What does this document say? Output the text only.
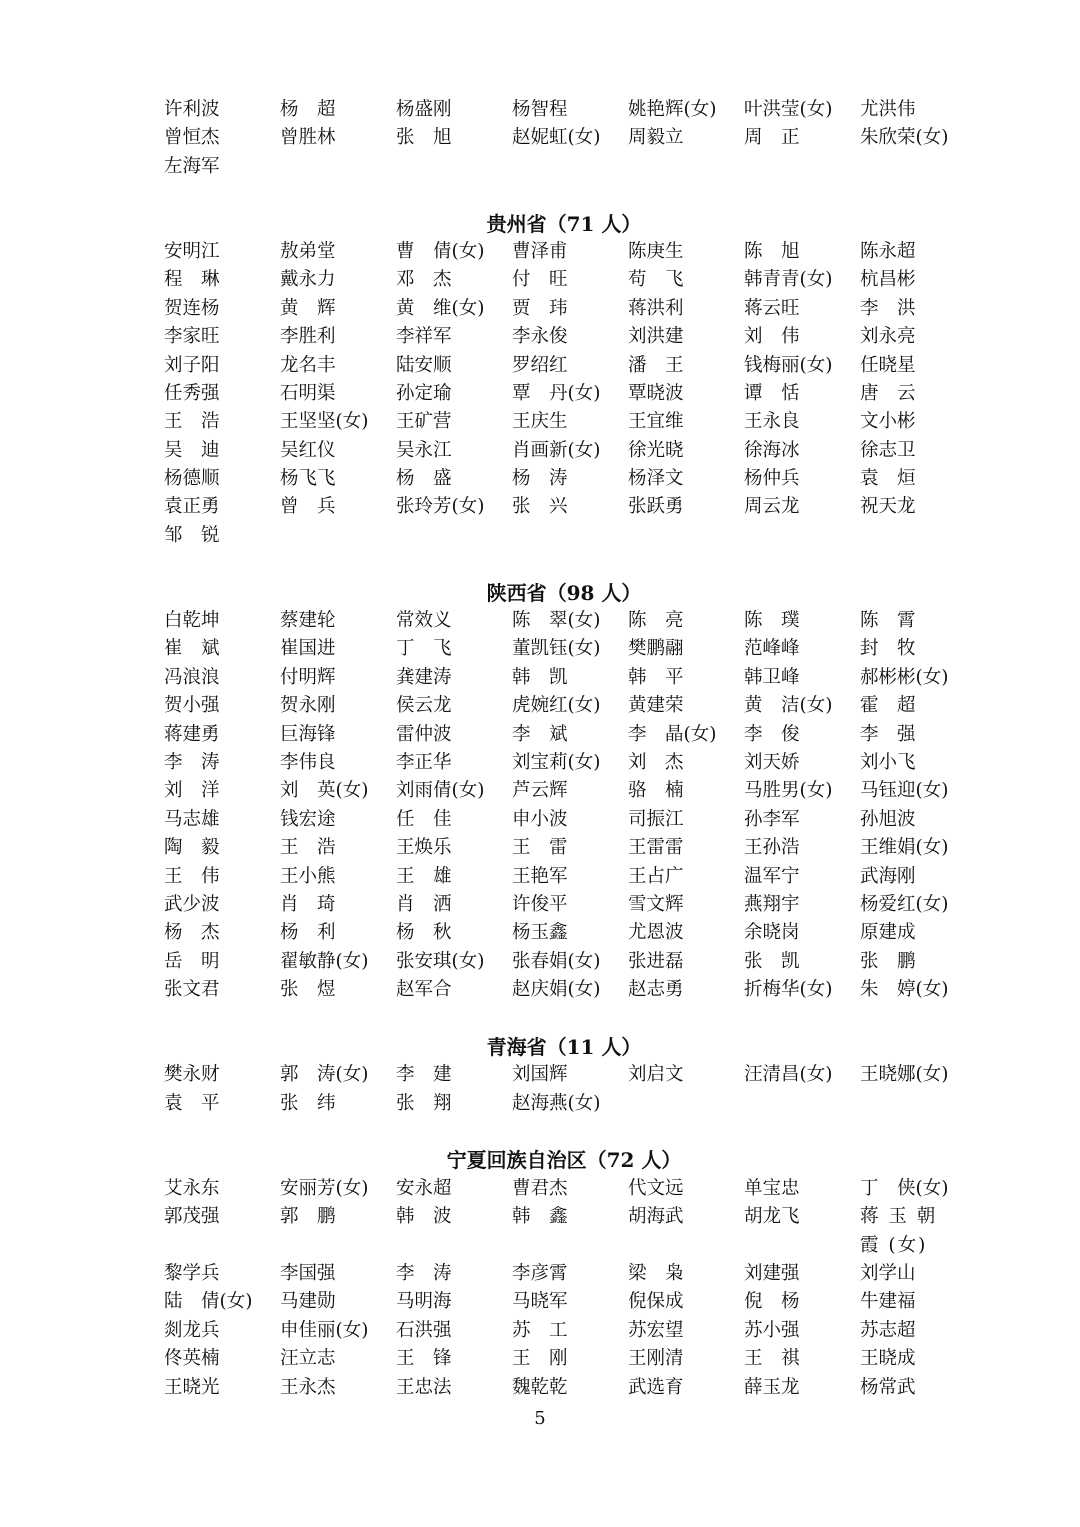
许利波	杨　超	杨盛刚	杨智程	姚艳辉(女)	叶洪莹(女)	尤洪伟
曾恒杰	曾胜林	张　旭	赵妮虹(女)	周毅立	周　正	朱欣荣(女)
左海军
贵州省（71 人）
安明江	敖弟堂	曹　倩(女)	曹泽甫	陈庚生	陈　旭	陈永超
程　琳	戴永力	邓　杰	付　旺	苟　飞	韩青青(女)	杭昌彬
贺连杨	黄　辉	黄　维(女)	贾　玮	蒋洪利	蒋云旺	李　洪
李家旺	李胜利	李祥军	李永俊	刘洪建	刘　伟	刘永亮
刘子阳	龙名丰	陆安顺	罗绍红	潘　王	钱梅丽(女)	任晓星
任秀强	石明渠	孙定瑜	覃　丹(女)	覃晓波	谭　恬	唐　云
王　浩	王坚坚(女)	王矿营	王庆生	王宜维	王永良	文小彬
吴　迪	吴红仪	吴永江	肖画新(女)	徐光晓	徐海冰	徐志卫
杨德顺	杨飞飞	杨　盛	杨　涛	杨泽文	杨仲兵	袁　烜
袁正勇	曾　兵	张玲芳(女)	张　兴	张跃勇	周云龙	祝天龙
邹　锐
陕西省（98 人）
白乾坤	蔡建轮	常效义	陈　翠(女)	陈　亮	陈　璞	陈　霄
崔　斌	崔国进	丁　飞	董凯钰(女)	樊鹏翮	范峰峰	封　牧
冯浪浪	付明辉	龚建涛	韩　凯	韩　平	韩卫峰	郝彬彬(女)
贺小强	贺永刚	侯云龙	虎婉红(女)	黄建荣	黄　洁(女)	霍　超
蒋建勇	巨海锋	雷仲波	李　斌	李　晶(女)	李　俊	李　强
李　涛	李伟良	李正华	刘宝莉(女)	刘　杰	刘天娇	刘小飞
刘　洋	刘　英(女)	刘雨倩(女)	芦云辉	骆　楠	马胜男(女)	马钰迎(女)
马志雄	钱宏途	任　佳	申小波	司振江	孙李军	孙旭波
陶　毅	王　浩	王焕乐	王　雷	王雷雷	王孙浩	王维娟(女)
王　伟	王小熊	王　雄	王艳军	王占广	温军宁	武海刚
武少波	肖　琦	肖　洒	许俊平	雪文辉	燕翔宇	杨爱红(女)
杨　杰	杨　利	杨　秋	杨玉鑫	尤恩波	余晓岗	原建成
岳　明	翟敏静(女)	张安琪(女)	张春娟(女)	张进磊	张　凯	张　鹏
张文君	张　煜	赵军合	赵庆娟(女)	赵志勇	折梅华(女)	朱　婷(女)
青海省（11 人）
樊永财	郭　涛(女)	李　建	刘国辉	刘启文	汪清昌(女)	王晓娜(女)
袁　平	张　纬	张　翔	赵海燕(女)
宁夏回族自治区（72 人）
艾永东	安丽芳(女)	安永超	曹君杰	代文远	单宝忠	丁　侠(女)
郭茂强	郭　鹏	韩　波	韩　鑫	胡海武	胡龙飞	蒋 玉 朝 霞 (女)
黎学兵	李国强	李　涛	李彦霄	梁　枭	刘建强	刘学山
陆　倩(女)	马建勋	马明海	马晓军	倪保成	倪　杨	牛建福
剡龙兵	申佳丽(女)	石洪强	苏　工	苏宏望	苏小强	苏志超
佟英楠	汪立志	王　锋	王　刚	王刚清	王　祺	王晓成
王晓光	王永杰	王忠法	魏乾乾	武选育	薛玉龙	杨常武
5
